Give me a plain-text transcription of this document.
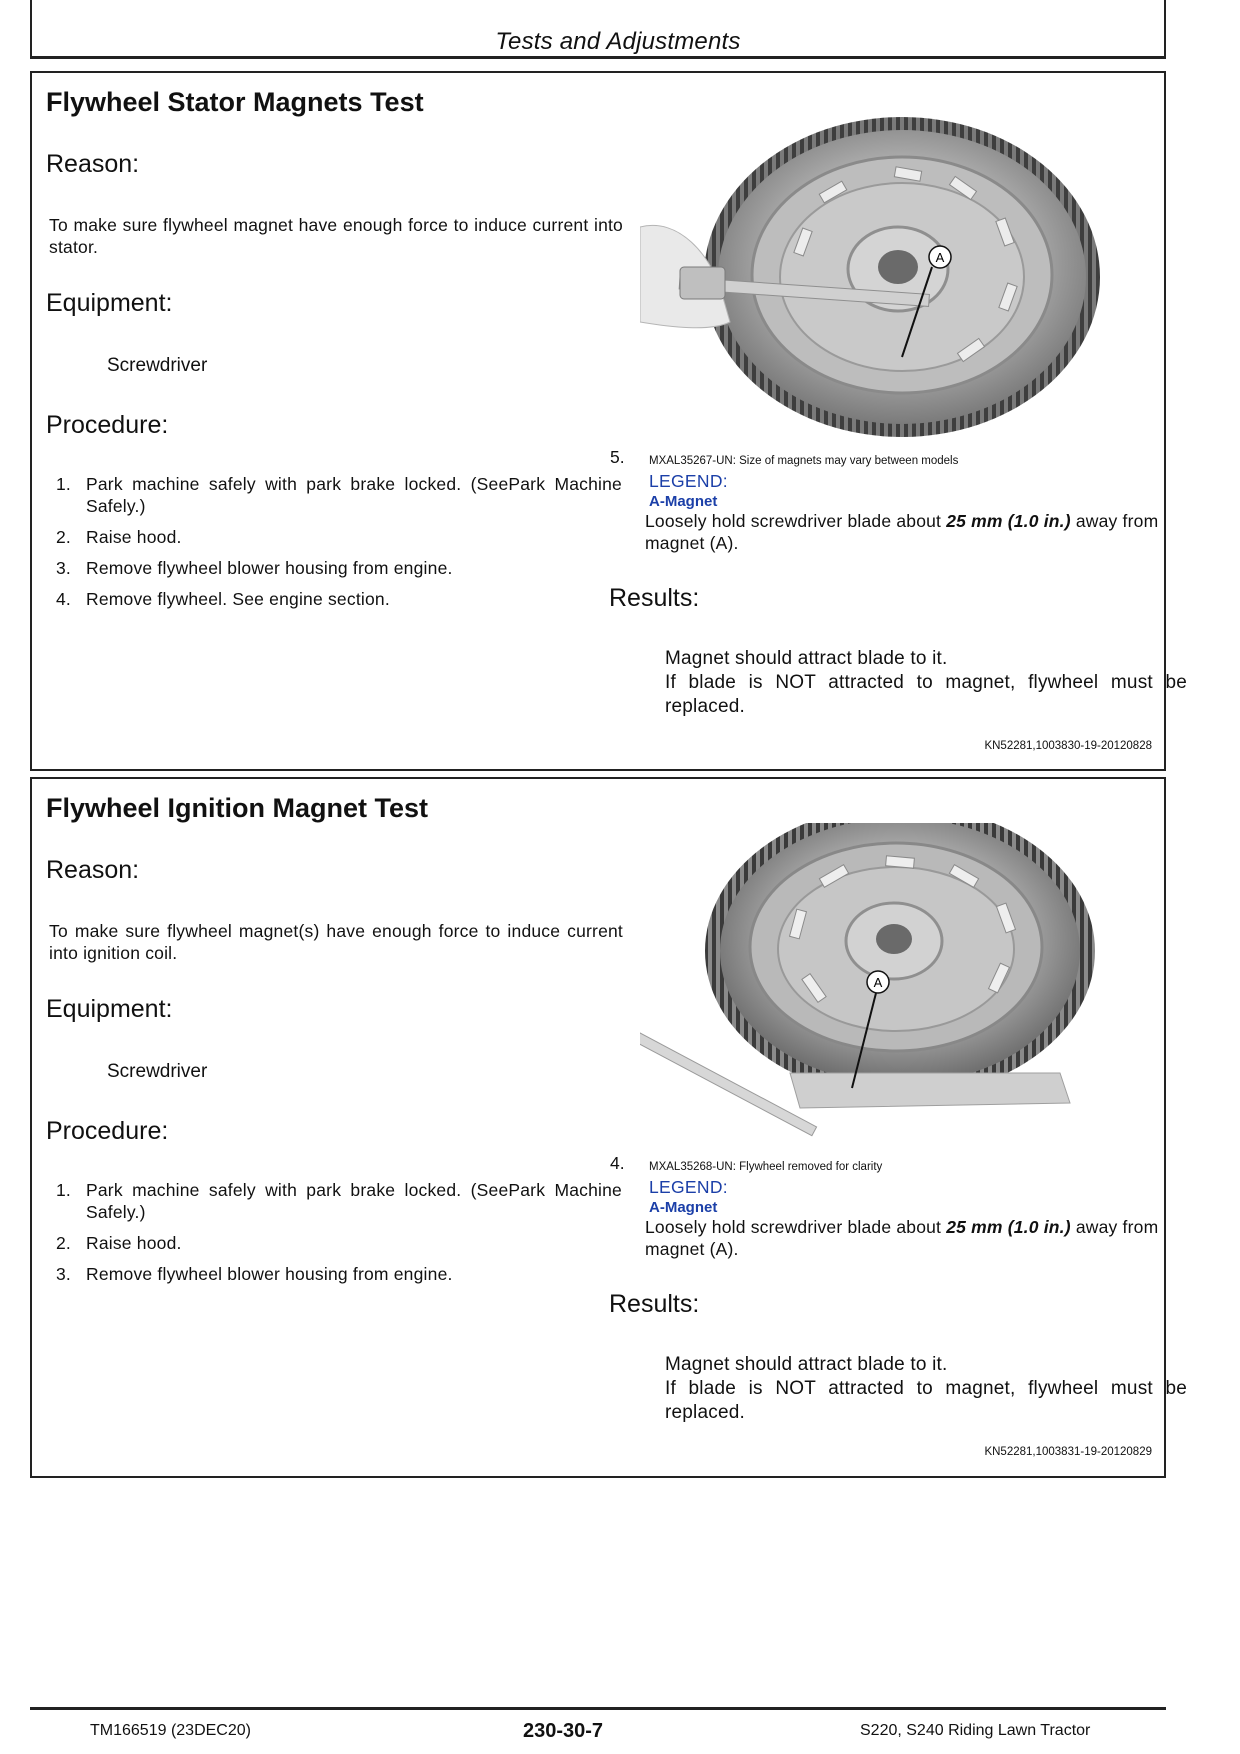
Tests and Adjustments
Flywheel Stator Magnets Test
Reason:
To make sure flywheel magnet have enough force to induce current into stator.
Equipment:
Screwdriver
Procedure:
1. Park machine safely with park brake locked. (SeePark Machine Safely.)
2. Raise hood.
3. Remove flywheel blower housing from engine.
4. Remove flywheel. See engine section.
A
5. MXAL35267-UN: Size of magnets may vary between models
LEGEND:
A-Magnet
Loosely hold screwdriver blade about 25 mm (1.0 in.) away from magnet (A).
Results:
Magnet should attract blade to it.
If blade is NOT attracted to magnet, flywheel must be replaced.
KN52281,1003830-19-20120828
Flywheel Ignition Magnet Test
Reason:
To make sure flywheel magnet(s) have enough force to induce current into ignition coil.
Equipment:
Screwdriver
Procedure:
1. Park machine safely with park brake locked. (SeePark Machine Safely.)
2. Raise hood.
3. Remove flywheel blower housing from engine.
A
4. MXAL35268-UN: Flywheel removed for clarity
LEGEND:
A-Magnet
Loosely hold screwdriver blade about 25 mm (1.0 in.) away from magnet (A).
Results:
Magnet should attract blade to it.
If blade is NOT attracted to magnet, flywheel must be replaced.
KN52281,1003831-19-20120829
TM166519 (23DEC20)	230-30-7	S220, S240 Riding Lawn Tractor
